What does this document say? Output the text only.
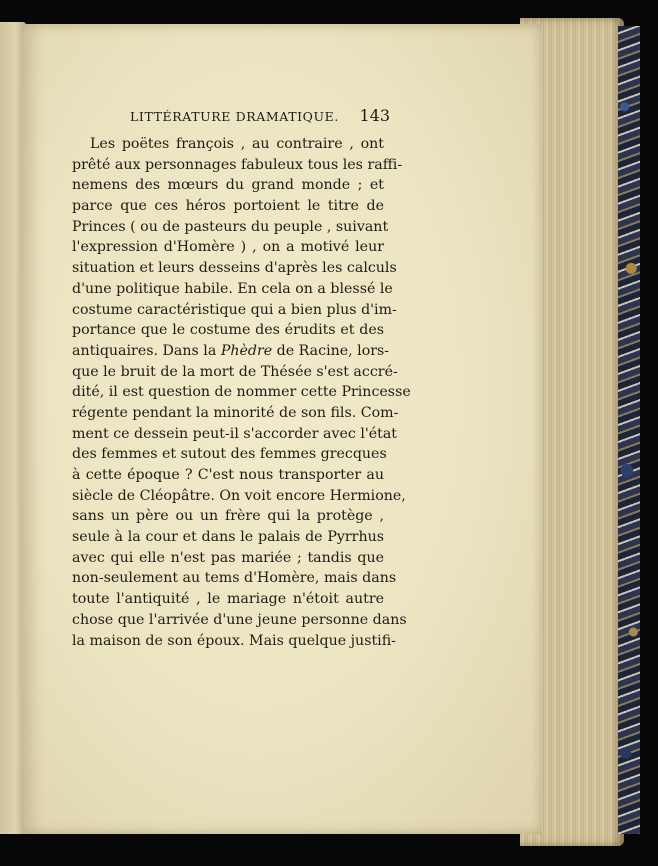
LITTÉRATURE DRAMATIQUE. 143
Les poëtes françois , au contraire , ont
prêté aux personnages fabuleux tous les raffi-
nemens des mœurs du grand monde ; et
parce que ces héros portoient le titre de
Princes ( ou de pasteurs du peuple , suivant
l'expression d'Homère ) , on a motivé leur
situation et leurs desseins d'après les calculs
d'une politique habile. En cela on a blessé le
costume caractéristique qui a bien plus d'im-
portance que le costume des érudits et des
antiquaires. Dans la Phèdre de Racine, lors-
que le bruit de la mort de Thésée s'est accré-
dité, il est question de nommer cette Princesse
régente pendant la minorité de son fils. Com-
ment ce dessein peut-il s'accorder avec l'état
des femmes et sutout des femmes grecques
à cette époque ? C'est nous transporter au
siècle de Cléopâtre. On voit encore Hermione,
sans un père ou un frère qui la protège ,
seule à la cour et dans le palais de Pyrrhus
avec qui elle n'est pas mariée ; tandis que
non-seulement au tems d'Homère, mais dans
toute l'antiquité , le mariage n'étoit autre
chose que l'arrivée d'une jeune personne dans
la maison de son époux. Mais quelque justifi-
